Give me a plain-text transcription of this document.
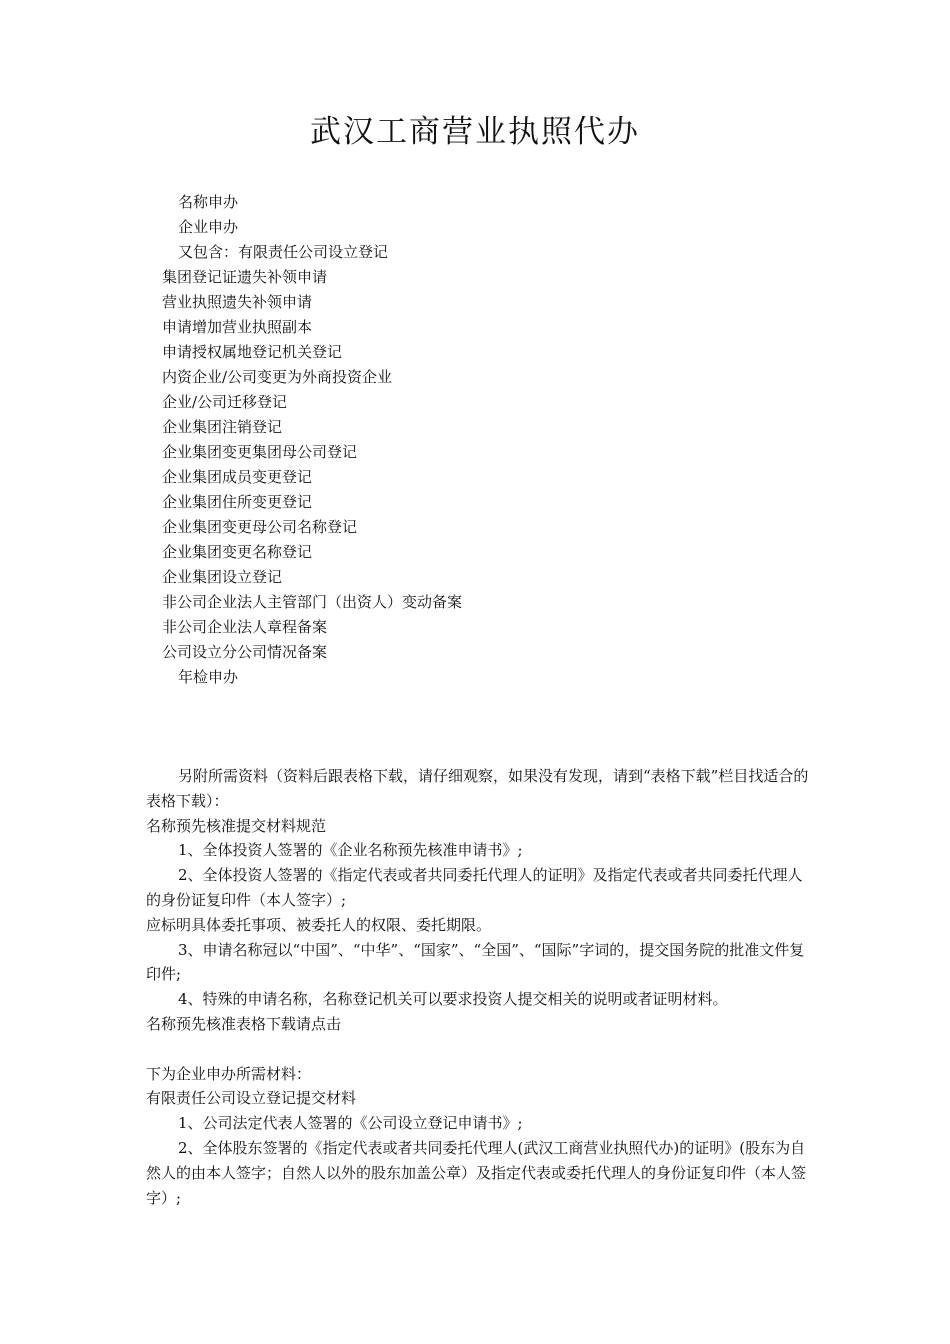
武汉工商营业执照代办
名称申办
企业申办
又包含：有限责任公司设立登记
集团登记证遗失补领申请
营业执照遗失补领申请
申请增加营业执照副本
申请授权属地登记机关登记
内资企业/公司变更为外商投资企业
企业/公司迁移登记
企业集团注销登记
企业集团变更集团母公司登记
企业集团成员变更登记
企业集团住所变更登记
企业集团变更母公司名称登记
企业集团变更名称登记
企业集团设立登记
非公司企业法人主管部门（出资人）变动备案
非公司企业法人章程备案
公司设立分公司情况备案
年检申办
另附所需资料（资料后跟表格下载，请仔细观察，如果没有发现，请到“表格下载”栏目找适合的表格下载）：
名称预先核准提交材料规范
1、全体投资人签署的《企业名称预先核准申请书》;
2、全体投资人签署的《指定代表或者共同委托代理人的证明》及指定代表或者共同委托代理人的身份证复印件（本人签字）;
应标明具体委托事项、被委托人的权限、委托期限。
3、申请名称冠以“中国”、“中华”、“国家”、“全国”、“国际”字词的，提交国务院的批准文件复印件;
4、特殊的申请名称，名称登记机关可以要求投资人提交相关的说明或者证明材料。
名称预先核准表格下载请点击
下为企业申办所需材料：
有限责任公司设立登记提交材料
1、公司法定代表人签署的《公司设立登记申请书》;
2、全体股东签署的《指定代表或者共同委托代理人(武汉工商营业执照代办)的证明》(股东为自然人的由本人签字；自然人以外的股东加盖公章）及指定代表或委托代理人的身份证复印件（本人签字）;
